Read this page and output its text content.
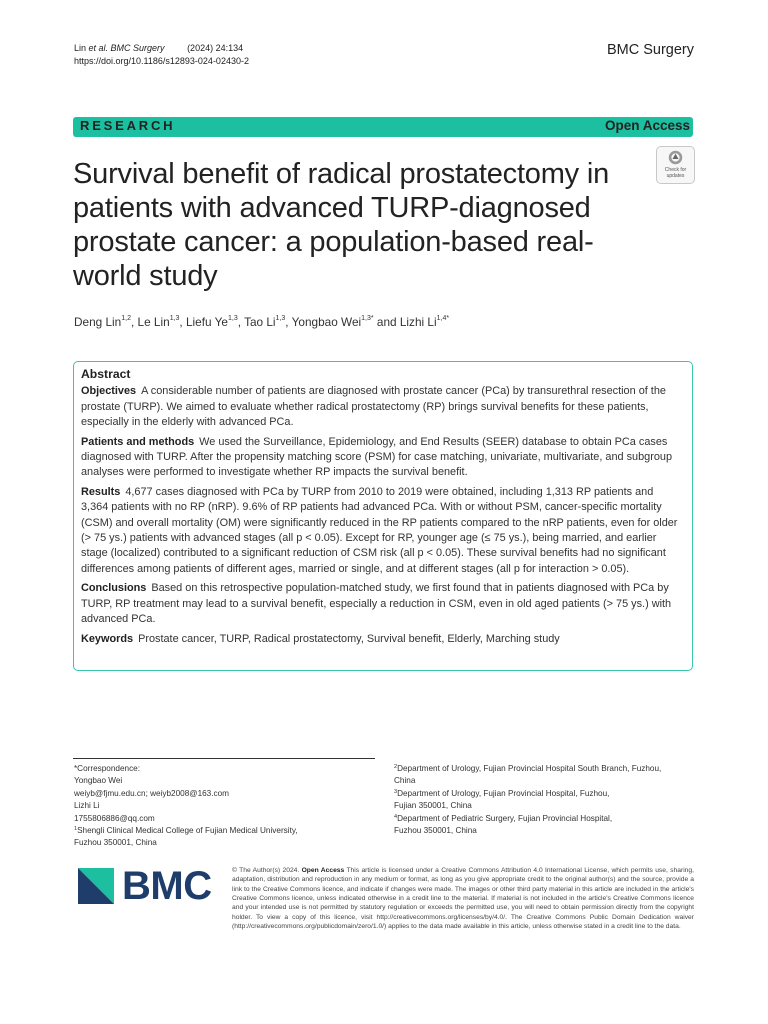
Lin et al. BMC Surgery	(2024) 24:134
https://doi.org/10.1186/s12893-024-02430-2
BMC Surgery
RESEARCH	Open Access
Survival benefit of radical prostatectomy in patients with advanced TURP-diagnosed prostate cancer: a population-based real-world study
Check for
updates
Deng Lin$^{1,2}$, Le Lin$^{1,3}$, Liefu Ye$^{1,3}$, Tao Li$^{1,3}$, Yongbao Wei$^{1,3*}$ and Lizhi $Li^{1,4*}$
Abstract

Objectives A considerable number of patients are diagnosed with prostate cancer (PCa) by transurethral resection of the prostate (TURP). We aimed to evaluate whether radical prostatectomy (RP) brings survival benefits for these patients, especially in the elderly with advanced PCa.

Patients and methods We used the Surveillance, Epidemiology, and End Results (SEER) database to obtain PCa cases diagnosed with TURP. After the propensity matching score (PSM) for case matching, univariate, multivariate, and subgroup analyses were performed to investigate whether RP impacts the survival benefit.

Results 4,677 cases diagnosed with PCa by TURP from 2010 to 2019 were obtained, including 1,313 RP patients and 3,364 patients with no RP (nRP). 9.6% of RP patients had advanced PCa. With or without PSM, cancer-specific mortality (CSM) and overall mortality (OM) were significantly reduced in the RP patients compared to the nRP patients, even for older (> 75 ys.) patients with advanced stages (all p < 0.05). Except for RP, younger age (≤ 75 ys.), being married, and earlier stage (localized) contributed to a significant reduction of CSM risk (all p < 0.05). These survival benefits had no significant differences among patients of different ages, married or single, and at different stages (all p for interaction > 0.05).

Conclusions Based on this retrospective population-matched study, we first found that in patients diagnosed with PCa by TURP, RP treatment may lead to a survival benefit, especially a reduction in CSM, even in old aged patients (> 75 ys.) with advanced PCa.

Keywords Prostate cancer, TURP, Radical prostatectomy, Survival benefit, Elderly, Marching study

*Correspondence:
Yongbao Wei
weiyb@fjmu.edu.cn; weiyb2008@163.com
Lizhi Li
1755806886@qq.com
$^1$Shengli Clinical Medical College of Fujian Medical University,
Fuzhou 350001, China
$^2$Department of Urology, Fujian Provincial Hospital South Branch, Fuzhou,
China
$^3$Department of Urology, Fujian Provincial Hospital, Fuzhou,
Fujian 350001, China
$^4$Department of Pediatric Surgery, Fujian Provincial Hospital,
Fuzhou 350001, China
BMC	© The Author(s) 2024. Open Access This article is licensed under a Creative Commons Attribution 4.0 International License, which permits use, sharing, adaptation, distribution and reproduction in any medium or format, as long as you give appropriate credit to the original author(s) and the source, provide a link to the Creative Commons licence, and indicate if changes were made. The images or other third party material in this article are included in the article's Creative Commons licence, unless indicated otherwise in a credit line to the material. If material is not included in the article's Creative Commons licence and your intended use is not permitted by statutory regulation or exceeds the permitted use, you will need to obtain permission directly from the copyright holder. To view a copy of this licence, visit http://creativecommons.org/licenses/by/4.0/. The Creative Commons Public Domain Dedication waiver (http://creativecommons.org/publicdomain/zero/1.0/) applies to the data made available in this article, unless otherwise stated in a credit line to the data.
